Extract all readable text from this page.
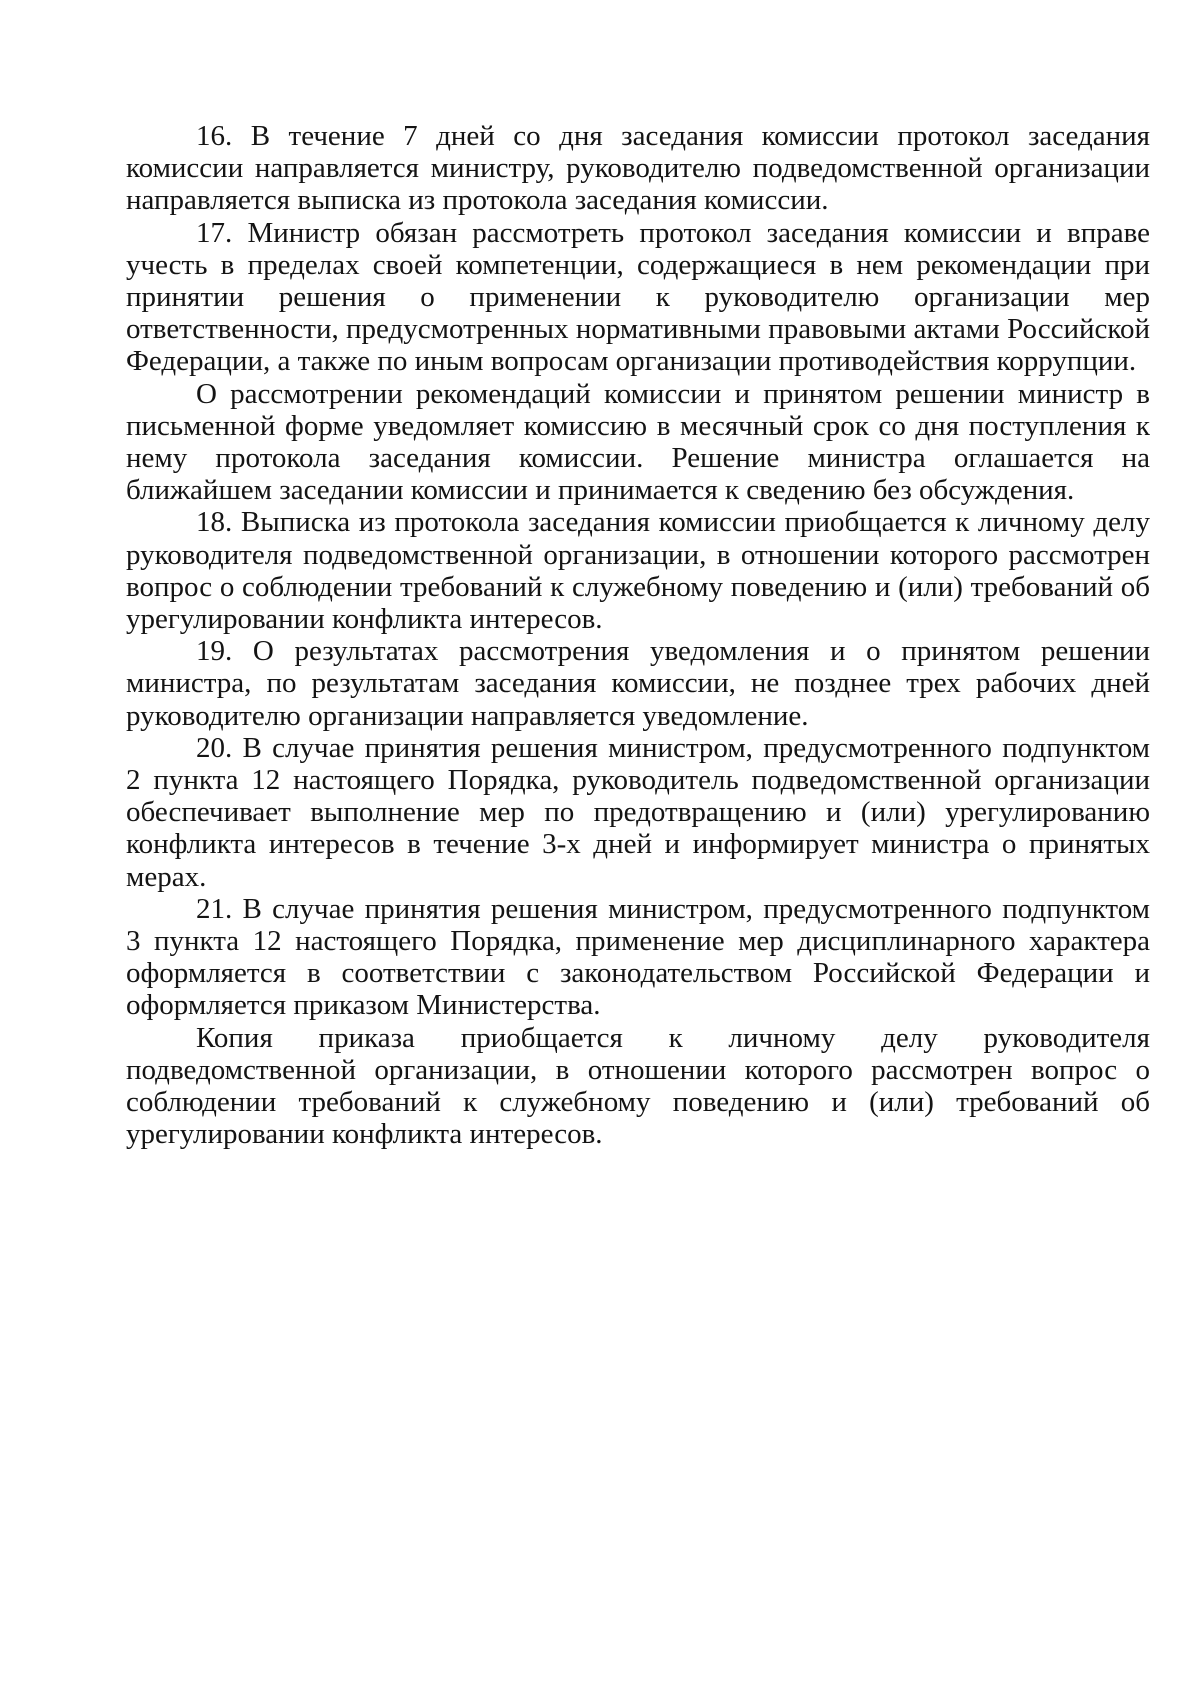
16. В течение 7 дней со дня заседания комиссии протокол заседания комиссии направляется министру, руководителю подведомственной организации направляется выписка из протокола заседания комиссии.

17. Министр обязан рассмотреть протокол заседания комиссии и вправе учесть в пределах своей компетенции, содержащиеся в нем рекомендации при принятии решения о применении к руководителю организации мер ответственности, предусмотренных нормативными правовыми актами Российской Федерации, а также по иным вопросам организации противодействия коррупции.

О рассмотрении рекомендаций комиссии и принятом решении министр в письменной форме уведомляет комиссию в месячный срок со дня поступления к нему протокола заседания комиссии. Решение министра оглашается на ближайшем заседании комиссии и принимается к сведению без обсуждения.

18. Выписка из протокола заседания комиссии приобщается к личному делу руководителя подведомственной организации, в отношении которого рассмотрен вопрос о соблюдении требований к служебному поведению и (или) требований об урегулировании конфликта интересов.

19. О результатах рассмотрения уведомления и о принятом решении министра, по результатам заседания комиссии, не позднее трех рабочих дней руководителю организации направляется уведомление.

20. В случае принятия решения министром, предусмотренного подпунктом 2 пункта 12 настоящего Порядка, руководитель подведомственной организации обеспечивает выполнение мер по предотвращению и (или) урегулированию конфликта интересов в течение 3-х дней и информирует министра о принятых мерах.

21. В случае принятия решения министром, предусмотренного подпунктом 3 пункта 12 настоящего Порядка, применение мер дисциплинарного характера оформляется в соответствии с законодательством Российской Федерации и оформляется приказом Министерства.

Копия приказа приобщается к личному делу руководителя подведомственной организации, в отношении которого рассмотрен вопрос о соблюдении требований к служебному поведению и (или) требований об урегулировании конфликта интересов.
